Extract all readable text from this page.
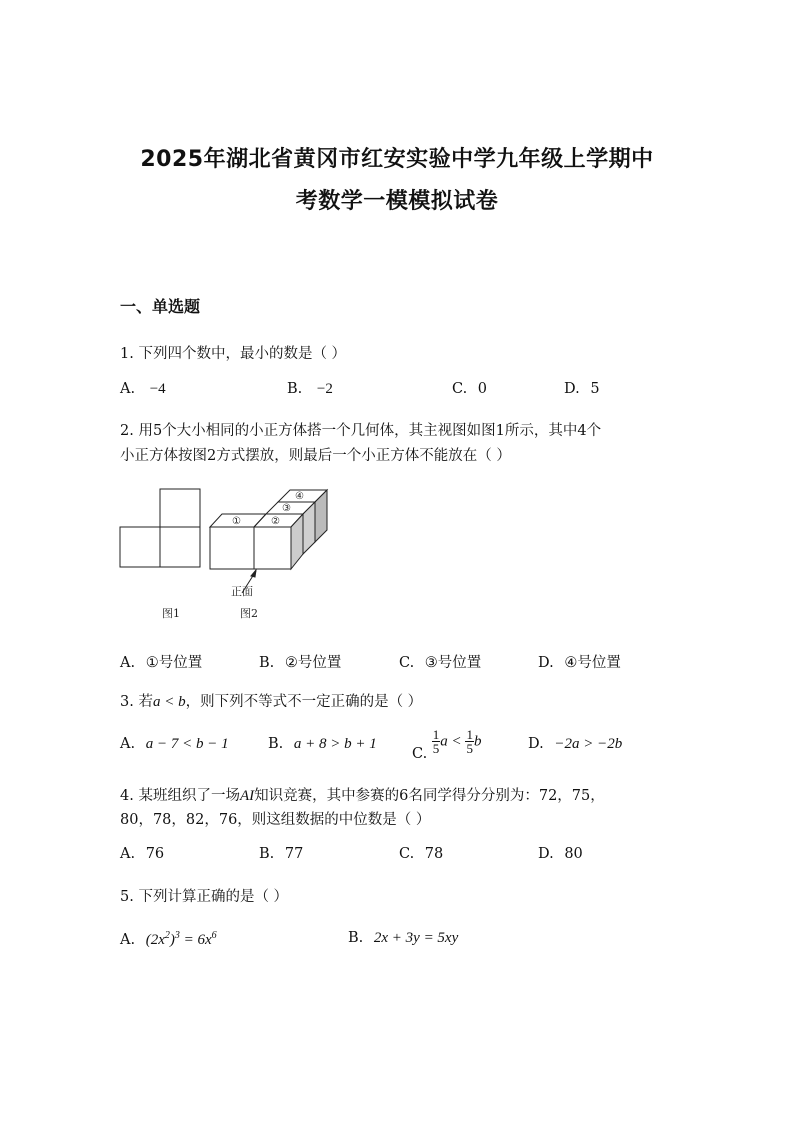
2025年湖北省黄冈市红安实验中学九年级上学期中
考数学一模模拟试卷
一、单选题
1. 下列四个数中，最小的数是（ ）
A. −4	B. −2	C. 0	D. 5
2. 用5个大小相同的小正方体搭一个几何体，其主视图如图1所示，其中4个
小正方体按图2方式摆放，则最后一个小正方体不能放在（ ）
①	②
③
④
正面
图1	图2
A. ①号位置	B. ②号位置	C. ③号位置	D. ④号位置
3. 若a < b，则下列不等式不一定正确的是（ ）
A. a − 7 < b − 1	B. a + 8 > b + 1
C. $\frac{1}{5}$ $a < \frac{1}{5}$ b	D. −2a > −2b
4. 某班组织了一场AI知识竞赛，其中参赛的6名同学得分分别为：72，75，
80，78，82，76，则这组数据的中位数是（ ）
A. 76	B. 77	C. 78	D. 80
5. 下列计算正确的是（ ）
A. $(2x^2)^3 = 6x^6$	B. 2x + 3y = 5xy
